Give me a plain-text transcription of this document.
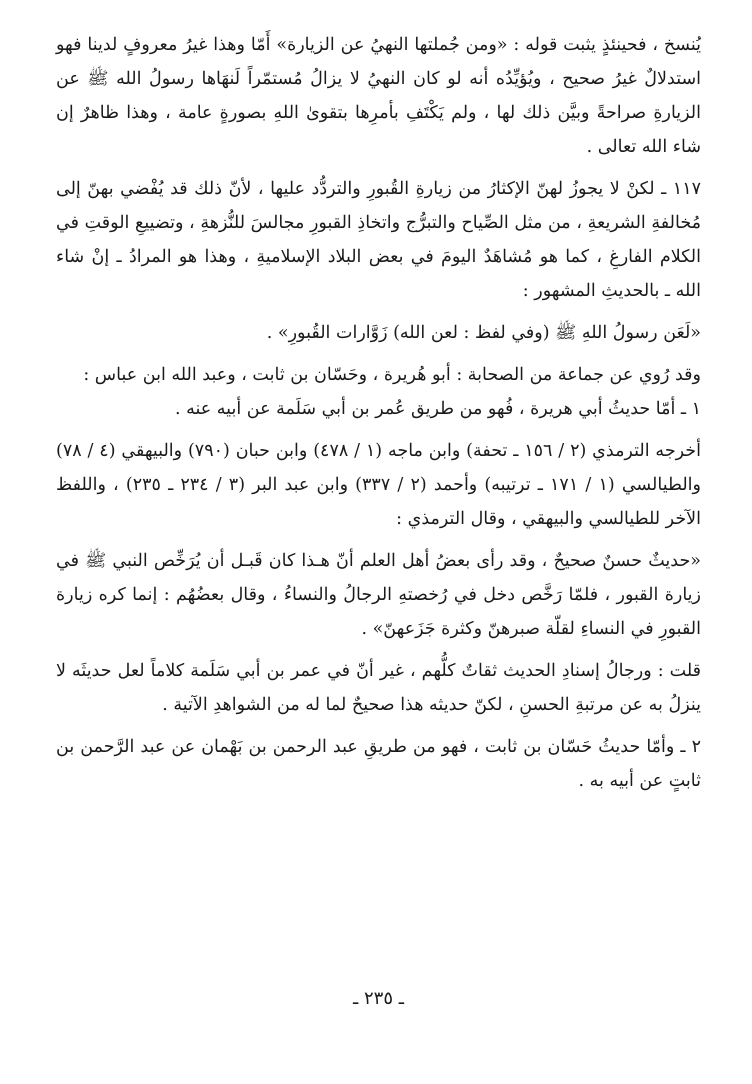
يُنسخ ، فحينئذٍ يثبت قوله : «ومن جُملتها النهيُ عن الزيارة» أَمّا وهذا غيرُ معروفٍ لدينا فهو استدلالٌ غيرُ صحيح ، ويُؤيِّدُه أنه لو كان النهيُ لا يزالُ مُستمّراً لَنهَاها رسولُ الله ﷺ عن الزيارةِ صراحةً وبيَّن ذلك لها ، ولم يَكْتَفِ بأمرِها بتقوىٰ اللهِ بصورةٍ عامة ، وهذا ظاهرٌ إن شاء الله تعالى .

١١٧ ـ لكنْ لا يجوزُ لهنّ الإكثارُ من زيارةِ القُبورِ والتردُّد عليها ، لأنّ ذلك قد يُفْضي بهنّ إلى مُخالفةِ الشريعةِ ، من مثل الصِّياح والتبرُّج واتخاذِ القبورِ مجالسَ للنُّزهةِ ، وتضييعِ الوقتِ في الكلام الفارغِ ، كما هو مُشاهَدٌ اليومَ في بعض البلاد الإسلاميةِ ، وهذا هو المرادُ ـ إنْ شاء الله ـ بالحديثِ المشهور :

«لَعَن رسولُ اللهِ ﷺ (وفي لفظ : لعن الله) زَوَّارات القُبورِ» .

وقد رُوي عن جماعة من الصحابة : أبو هُريرة ، وحَسّان بن ثابت ، وعبد الله ابن عباس :

١ ـ أمّا حديثُ أبي هريرة ، فُهو من طريق عُمر بن أبي سَلَمة عن أبيه عنه .

أخرجه الترمذي (٢ / ١٥٦ ـ تحفة) وابن ماجه (١ / ٤٧٨) وابن حبان (٧٩٠) والبيهقي (٤ / ٧٨) والطيالسي (١ / ١٧١ ـ ترتيبه) وأحمد (٢ / ٣٣٧) وابن عبد البر (٣ / ٢٣٤ ـ ٢٣٥) ، واللفظ الآخر للطيالسي والبيهقي ، وقال الترمذي :

«حديثٌ حسنٌ صحيحٌ ، وقد رأى بعضُ أهل العلم أنّ هـذا كان قَبـل أن يُرَخِّص النبي ﷺ في زيارة القبور ، فلمّا رَخَّص دخل في رُخصتهِ الرجالُ والنساءُ ، وقال بعضُهُم : إنما كره زيارة القبورِ في النساءِ لقلّة صبرهنّ وكثرة جَزَعهنّ» .

قلت : ورجالُ إسنادِ الحديث ثقاتٌ كلُّهم ، غير أنّ في عمر بن أبي سَلَمة كلاماً لعل حديثَه لا ينزلُ به عن مرتبةِ الحسنِ ، لكنّ حديثه هذا صحيحٌ لما له من الشواهدِ الآتية .

٢ ـ وأمّا حديثُ حَسّان بن ثابت ، فهو من طريقِ عبد الرحمن بن بَهْمان عن عبد الرَّحمن بن ثابتٍ عن أبيه به .

ـ ٢٣٥ ـ
